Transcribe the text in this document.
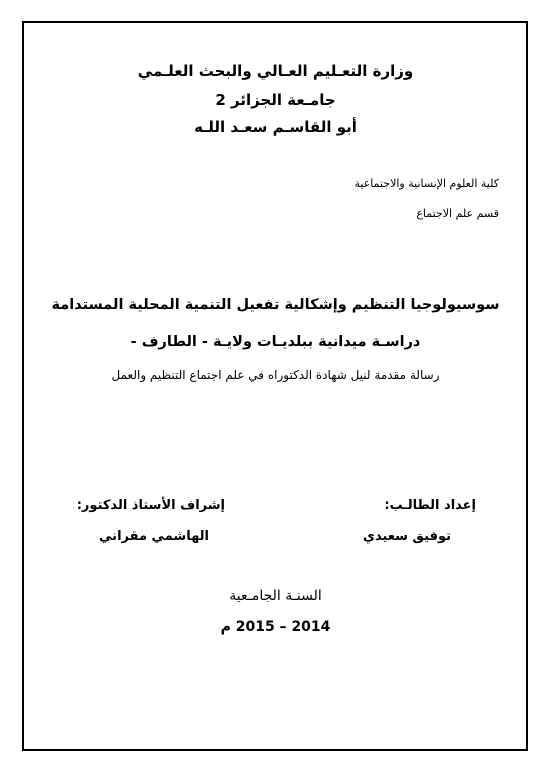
وزارة التعـليم العـالي والبحث العلـمي
جامـعة الجزائر 2
أبو القاسـم سعـد اللـه
كلية العلوم الإنسانية والاجتماعية
قسم علم الاجتماع
سوسيولوجيا التنظيم وإشكالية تفعيل التنمية المحلية المستدامة
دراسـة ميدانية ببلديـات ولايـة - الطارف -
رسالة مقدمة لنيل شهادة الدكتوراه في علم اجتماع التنظيم والعمل
إعداد الطالـب:
إشراف الأستاذ الدكتور:
توفيق سعيدي
الهاشمي مقراني
السنـة الجامـعية
2014 – 2015 م
